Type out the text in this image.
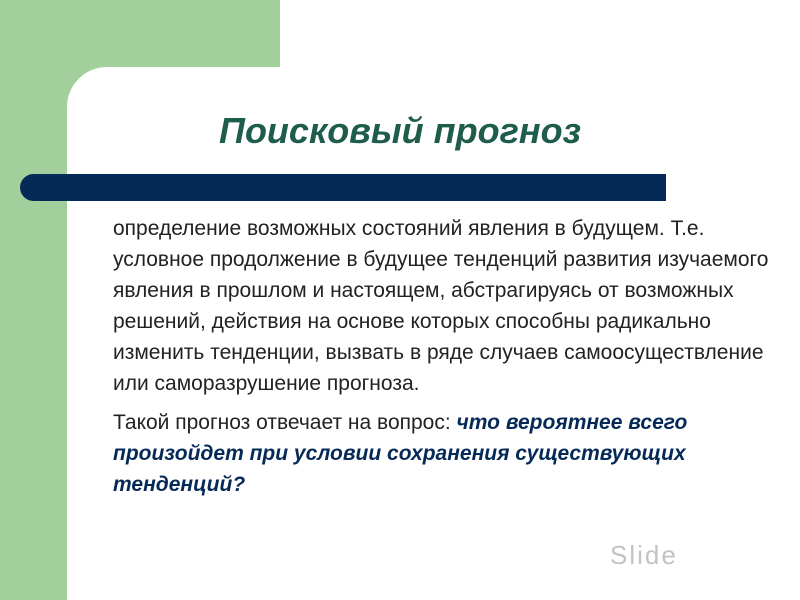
Поисковый прогноз

определение возможных состояний явления в будущем. Т.е. условное продолжение в будущее тенденций развития изучаемого явления в прошлом и настоящем, абстрагируясь от возможных решений, действия на основе которых способны радикально изменить тенденции, вызвать в ряде случаев самоосуществление или саморазрушение прогноза.

Такой прогноз отвечает на вопрос: что вероятнее всего произойдет при условии сохранения существующих тенденций?

Slide
